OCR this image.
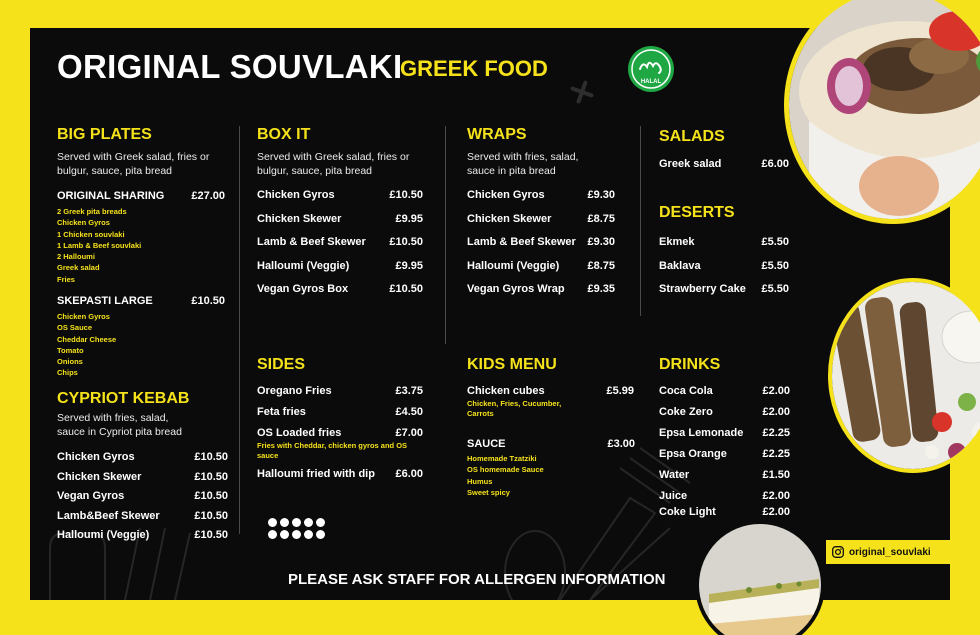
ORIGINAL SOUVLAKI
GREEK FOOD
HALAL
BIG PLATES
Served with Greek salad, fries or bulgur, sauce, pita bread
ORIGINAL SHARING £27.00
2 Greek pita breads
Chicken Gyros
1 Chicken souvlaki
1 Lamb & Beef souvlaki
2 Halloumi
Greek salad
Fries
SKEPASTI LARGE	£10.50
Chicken Gyros
OS Sauce
Cheddar Cheese
Tomato
Onions
Chips
CYPRIOT KEBAB
Served with fries, salad, sauce in Cypriot pita bread
Chicken Gyros	£10.50
Chicken Skewer	£10.50
Vegan Gyros	£10.50
Lamb&Beef Skewer	£10.50
Halloumi (Veggie)	£10.50
BOX IT
Served with Greek salad, fries or bulgur, sauce, pita bread
Chicken Gyros	£10.50
Chicken Skewer	£9.95
Lamb & Beef Skewer £10.50
Halloumi (Veggie)	£9.95
Vegan Gyros Box	£10.50
WRAPS
Served with fries, salad, sauce in pita bread
Chicken Gyros	£9.30
Chicken Skewer	£8.75
Lamb & Beef Skewer £9.30
Halloumi (Veggie)	£8.75
Vegan Gyros Wrap £9.35
SALADS
Greek salad	£6.00
DESERTS
Ekmek	£5.50
Baklava	£5.50
Strawberry Cake £5.50
SIDES
Oregano Fries	£3.75
Feta fries	£4.50
OS Loaded fries	£7.00
Fries with Cheddar, chicken gyros and OS sauce
Halloumi fried with dip £6.00
KIDS MENU
Chicken cubes	£5.99
Chicken, Fries, Cucumber, Carrots
SAUCE	£3.00
Homemade Tzatziki
OS homemade Sauce
Humus
Sweet spicy
DRINKS
Coca Cola	£2.00
Coke Zero	£2.00
Epsa Lemonade £2.25
Epsa Orange	£2.25
Water	£1.50
Juice	£2.00
Coke Light	£2.00
PLEASE ASK STAFF FOR ALLERGEN INFORMATION
original_souvlaki
